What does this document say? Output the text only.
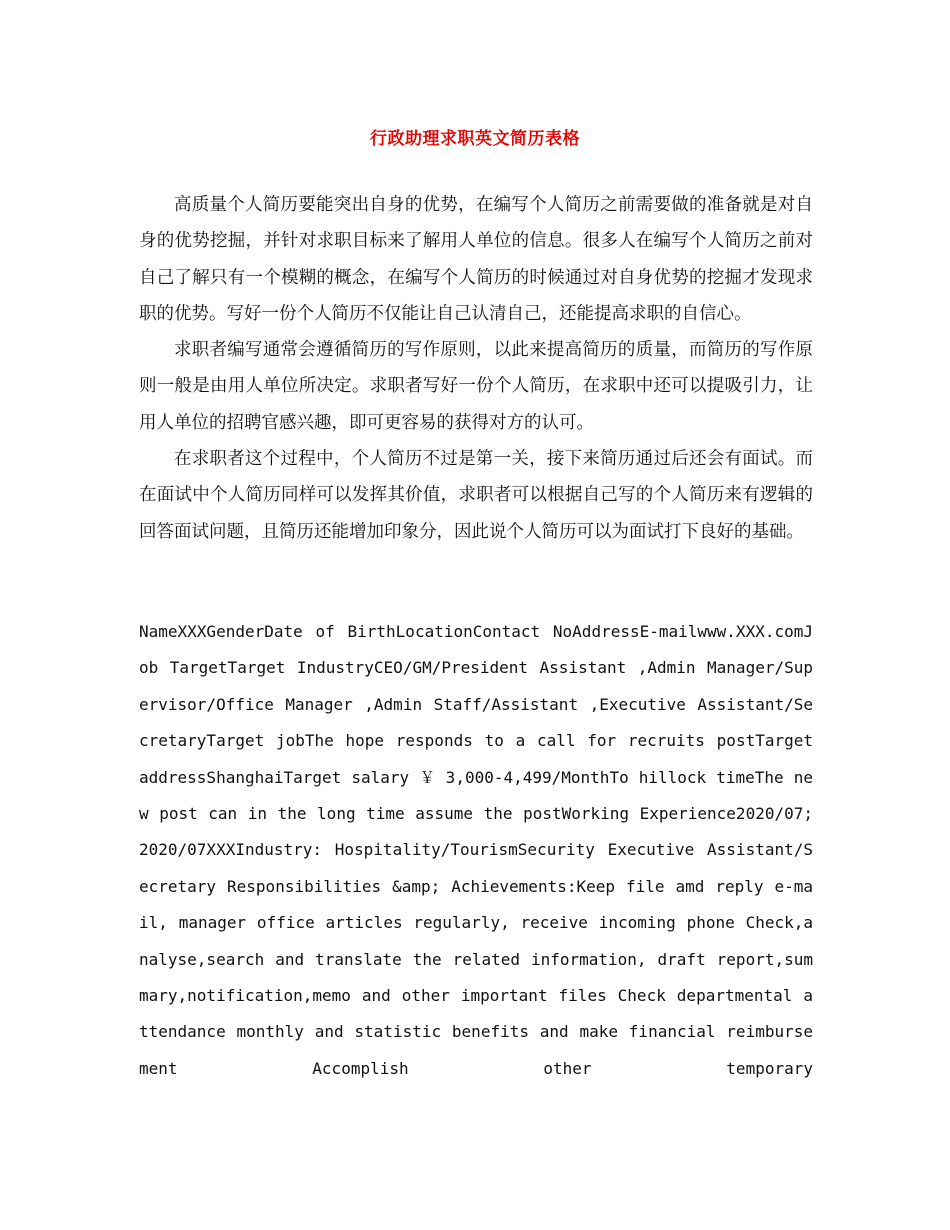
行政助理求职英文简历表格

高质量个人简历要能突出自身的优势，在编写个人简历之前需要做的准备就是对自身的优势挖掘，并针对求职目标来了解用人单位的信息。很多人在编写个人简历之前对自己了解只有一个模糊的概念，在编写个人简历的时候通过对自身优势的挖掘才发现求职的优势。写好一份个人简历不仅能让自己认清自己，还能提高求职的自信心。

求职者编写通常会遵循简历的写作原则，以此来提高简历的质量，而简历的写作原则一般是由用人单位所决定。求职者写好一份个人简历，在求职中还可以提吸引力，让用人单位的招聘官感兴趣，即可更容易的获得对方的认可。

在求职者这个过程中，个人简历不过是第一关，接下来简历通过后还会有面试。而在面试中个人简历同样可以发挥其价值，求职者可以根据自己写的个人简历来有逻辑的回答面试问题，且简历还能增加印象分，因此说个人简历可以为面试打下良好的基础。

NameXXXGenderDate of BirthLocationContact NoAddressE-mailwww.XXX.comJob TargetTarget IndustryCEO/GM/President Assistant ,Admin Manager/Supervisor/Office Manager ,Admin Staff/Assistant ,Executive Assistant/SecretaryTarget jobThe hope responds to a call for recruits postTarget addressShanghaiTarget salary ￥ 3,000-4,499/MonthTo hillock timeThe new post can in the long time assume the postWorking Experience2020/07;2020/07XXXIndustry: Hospitality/TourismSecurity Executive Assistant/Secretary Responsibilities &amp; Achievements:Keep file amd reply e-mail, manager office articles regularly, receive incoming phone Check,analyse,search and translate the related information, draft report,summary,notification,memo and other important files Check departmental attendance monthly and statistic benefits and make financial reimbursement Accomplish other temporary
